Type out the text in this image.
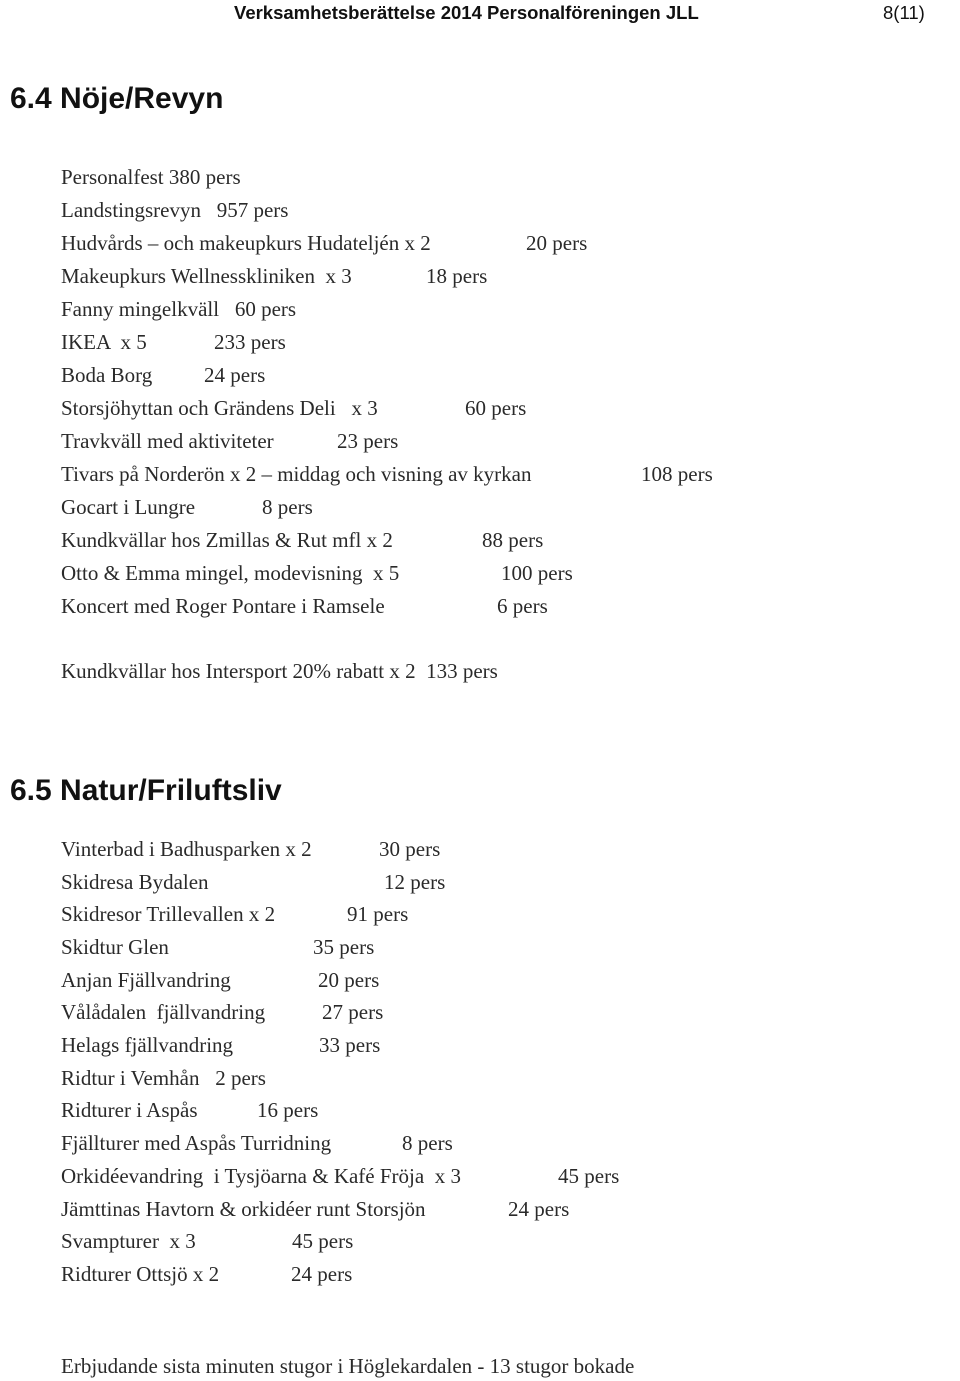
Verksamhetsberättelse 2014 Personalföreningen JLL	8(11)
6.4 Nöje/Revyn
Personalfest 380 pers
Landstingsrevyn   957 pers
Hudvårds – och makeupkurs Hudateljén x 2	20 pers
Makeupkurs Wellnesskliniken  x 3	18 pers
Fanny mingelkväll   60 pers
IKEA  x 5	233 pers
Boda Borg 24 pers
Storsjöhyttan och Grändens Deli   x 3	60 pers
Travkväll med aktiviteter	23 pers
Tivars på Norderön x 2 – middag och visning av kyrkan	108 pers
Gocart i Lungre	8 pers
Kundkvällar hos Zmillas & Rut mfl x 2	88 pers
Otto & Emma mingel, modevisning  x 5	100 pers
Koncert med Roger Pontare i Ramsele	6 pers
Kundkvällar hos Intersport 20% rabatt x 2  133 pers
6.5 Natur/Friluftsliv
Vinterbad i Badhusparken x 2	30 pers
Skidresa Bydalen	12 pers
Skidresor Trillevallen x 2	91 pers
Skidtur Glen	35 pers
Anjan Fjällvandring	20 pers
Vålådalen  fjällvandring	27 pers
Helags fjällvandring	33 pers
Ridtur i Vemhån   2 pers
Ridturer i Aspås	16 pers
Fjällturer med Aspås Turridning	8 pers
Orkidéevandring  i Tysjöarna & Kafé Fröja  x 3	45 pers
Jämttinas Havtorn & orkidéer runt Storsjön	24 pers
Svampturer  x 3	45 pers
Ridturer Ottsjö x 2	24 pers
Erbjudande sista minuten stugor i Höglekardalen - 13 stugor bokade
